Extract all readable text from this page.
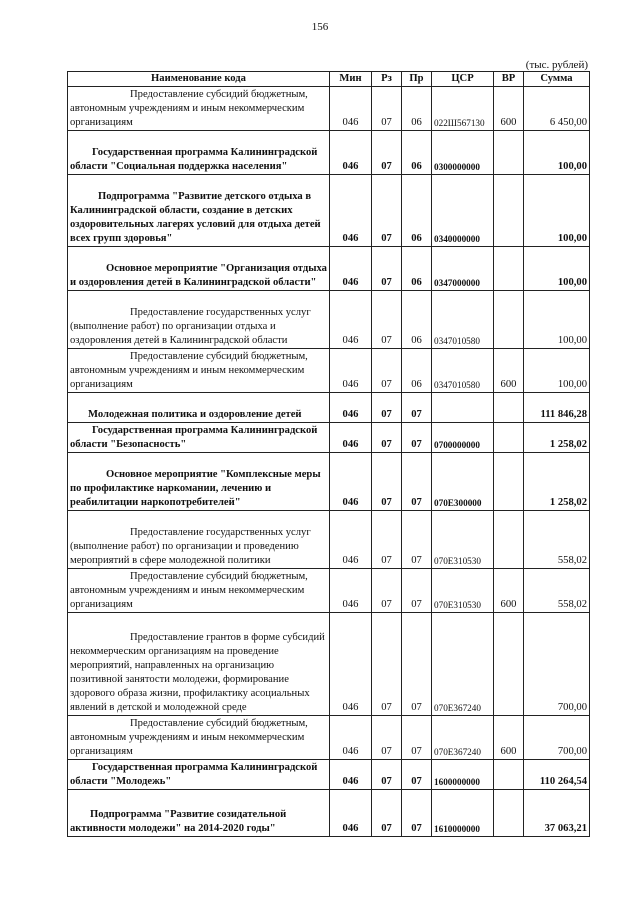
156
(тыс. рублей)
Наименование кода	Мин	Рз	Пр	ЦСР	ВР	Сумма
Предоставление субсидий бюджетным, автономным учреждениям и иным некоммерческим организациям	046	07	06	022Ш567130	600	6 450,00
Государственная программа Калининградской области "Социальная поддержка населения"	046	07	06	0300000000		100,00
Подпрограмма "Развитие детского отдыха в Калининградской области, создание в детских оздоровительных лагерях условий для отдыха детей всех групп здоровья"	046	07	06	0340000000		100,00
Основное мероприятие "Организация отдыха и оздоровления детей в Калининградской области"	046	07	06	0347000000		100,00
Предоставление государственных услуг (выполнение работ) по организации отдыха и оздоровления детей в Калининградской области	046	07	06	0347010580		100,00
Предоставление субсидий бюджетным, автономным учреждениям и иным некоммерческим организациям	046	07	06	0347010580	600	100,00
Молодежная политика и оздоровление детей	046	07	07			111 846,28
Государственная программа Калининградской области "Безопасность"	046	07	07	0700000000		1 258,02
Основное мероприятие "Комплексные меры по профилактике наркомании, лечению и реабилитации наркопотребителей"	046	07	07	070Е300000		1 258,02
Предоставление государственных услуг (выполнение работ) по организации и проведению мероприятий в сфере молодежной политики	046	07	07	070Е310530		558,02
Предоставление субсидий бюджетным, автономным учреждениям и иным некоммерческим организациям	046	07	07	070Е310530	600	558,02
Предоставление грантов в форме субсидий некоммерческим организациям на проведение мероприятий, направленных на организацию позитивной занятости молодежи, формирование здорового образа жизни, профилактику асоциальных явлений в детской и молодежной среде	046	07	07	070Е367240		700,00
Предоставление субсидий бюджетным, автономным учреждениям и иным некоммерческим организациям	046	07	07	070Е367240	600	700,00
Государственная программа Калининградской области "Молодежь"	046	07	07	1600000000		110 264,54
Подпрограмма "Развитие созидательной активности молодежи" на 2014-2020 годы"	046	07	07	1610000000		37 063,21
